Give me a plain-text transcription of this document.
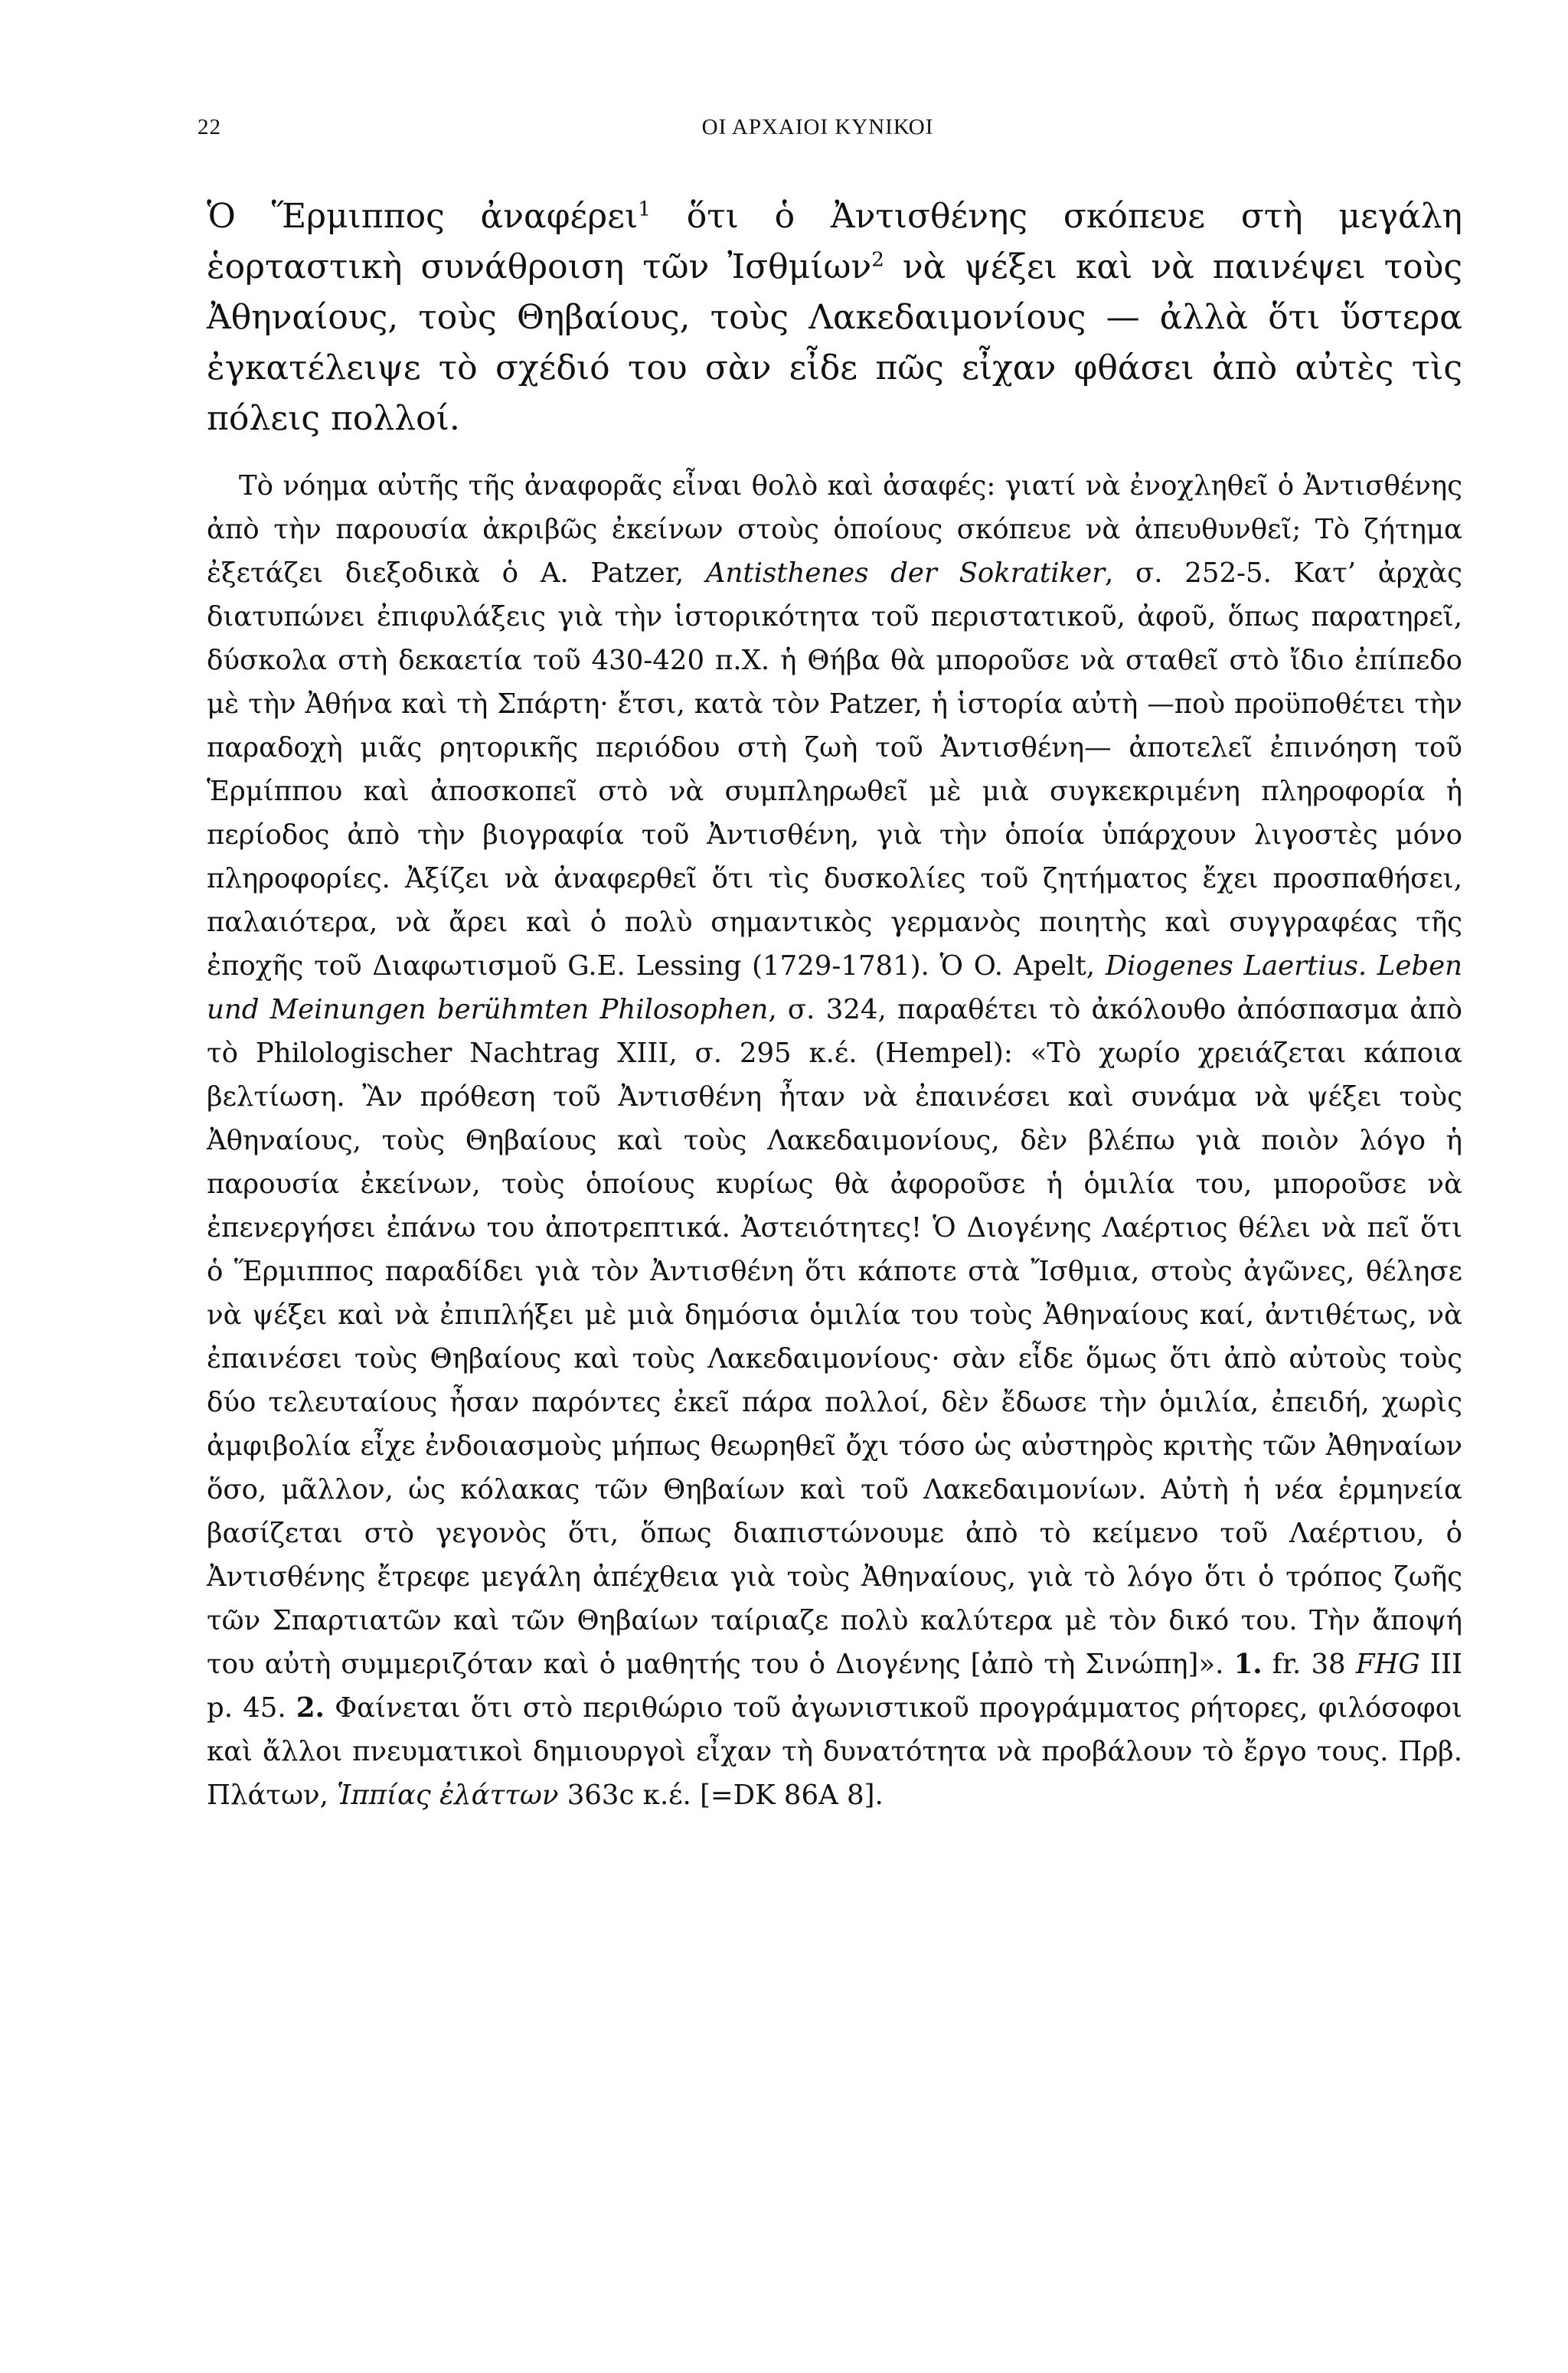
22	ΟΙ ΑΡΧΑΙΟΙ ΚΥΝΙΚΟΙ

Ὁ Ἕρμιππος ἀναφέρει$^1$ ὅτι ὁ Ἀντισθένης σκόπευε στὴ μεγάλη ἑορταστικὴ συνάθροιση τῶν Ἰσθμίων$^2$ νὰ ψέξει καὶ νὰ παινέψει τοὺς Ἀθηναίους, τοὺς Θηβαίους, τοὺς Λακεδαιμονίους — ἀλλὰ ὅτι ὕστερα ἐγκατέλειψε τὸ σχέδιό του σὰν εἶδε πῶς εἶχαν φθάσει ἀπὸ αὐτὲς τὶς πόλεις πολλοί.

Τὸ νόημα αὐτῆς τῆς ἀναφορᾶς εἶναι θολὸ καὶ ἀσαφές: γιατί νὰ ἐνοχληθεῖ ὁ Ἀντισθένης ἀπὸ τὴν παρουσία ἀκριβῶς ἐκείνων στοὺς ὁποίους σκόπευε νὰ ἀπευθυνθεῖ; Τὸ ζήτημα ἐξετάζει διεξοδικὰ ὁ A. Patzer, Antisthenes der Sokratiker, σ. 252-5. Κατ’ ἀρχὰς διατυπώνει ἐπιφυλάξεις γιὰ τὴν ἱστορικότητα τοῦ περιστατικοῦ, ἀφοῦ, ὅπως παρατηρεῖ, δύσκολα στὴ δεκαετία τοῦ 430-420 π.Χ. ἡ Θήβα θὰ μποροῦσε νὰ σταθεῖ στὸ ἴδιο ἐπίπεδο μὲ τὴν Ἀθήνα καὶ τὴ Σπάρτη· ἔτσι, κατὰ τὸν Patzer, ἡ ἱστορία αὐτὴ —ποὺ προϋποθέτει τὴν παραδοχὴ μιᾶς ρητορικῆς περιόδου στὴ ζωὴ τοῦ Ἀντισθένη— ἀποτελεῖ ἐπινόηση τοῦ Ἑρμίππου καὶ ἀποσκοπεῖ στὸ νὰ συμπληρωθεῖ μὲ μιὰ συγκεκριμένη πληροφορία ἡ περίοδος ἀπὸ τὴν βιογραφία τοῦ Ἀντισθένη, γιὰ τὴν ὁποία ὑπάρχουν λιγοστὲς μόνο πληροφορίες. Ἀξίζει νὰ ἀναφερθεῖ ὅτι τὶς δυσκολίες τοῦ ζητήματος ἔχει προσπαθήσει, παλαιότερα, νὰ ἄρει καὶ ὁ πολὺ σημαντικὸς γερμανὸς ποιητὴς καὶ συγγραφέας τῆς ἐποχῆς τοῦ Διαφωτισμοῦ G.E. Lessing (1729-1781). Ὁ O. Apelt, Diogenes Laertius. Leben und Meinungen berühmten Philosophen, σ. 324, παραθέτει τὸ ἀκόλουθο ἀπόσπασμα ἀπὸ τὸ Philologischer Nachtrag XIII, σ. 295 κ.έ. (Hempel): «Τὸ χωρίο χρειάζεται κάποια βελτίωση. Ἂν πρόθεση τοῦ Ἀντισθένη ἦταν νὰ ἐπαινέσει καὶ συνάμα νὰ ψέξει τοὺς Ἀθηναίους, τοὺς Θηβαίους καὶ τοὺς Λακεδαιμονίους, δὲν βλέπω γιὰ ποιὸν λόγο ἡ παρουσία ἐκείνων, τοὺς ὁποίους κυρίως θὰ ἀφοροῦσε ἡ ὁμιλία του, μποροῦσε νὰ ἐπενεργήσει ἐπάνω του ἀποτρεπτικά. Ἀστειότητες! Ὁ Διογένης Λαέρτιος θέλει νὰ πεῖ ὅτι ὁ Ἕρμιππος παραδίδει γιὰ τὸν Ἀντισθένη ὅτι κάποτε στὰ Ἴσθμια, στοὺς ἀγῶνες, θέλησε νὰ ψέξει καὶ νὰ ἐπιπλήξει μὲ μιὰ δημόσια ὁμιλία του τοὺς Ἀθηναίους καί, ἀντιθέτως, νὰ ἐπαινέσει τοὺς Θηβαίους καὶ τοὺς Λακεδαιμονίους· σὰν εἶδε ὅμως ὅτι ἀπὸ αὐτοὺς τοὺς δύο τελευταίους ἦσαν παρόντες ἐκεῖ πάρα πολλοί, δὲν ἔδωσε τὴν ὁμιλία, ἐπειδή, χωρὶς ἀμφιβολία εἶχε ἐνδοιασμοὺς μήπως θεωρηθεῖ ὄχι τόσο ὡς αὐστηρὸς κριτὴς τῶν Ἀθηναίων ὅσο, μᾶλλον, ὡς κόλακας τῶν Θηβαίων καὶ τοῦ Λακεδαιμονίων. Αὐτὴ ἡ νέα ἑρμηνεία βασίζεται στὸ γεγονὸς ὅτι, ὅπως διαπιστώνουμε ἀπὸ τὸ κείμενο τοῦ Λαέρτιου, ὁ Ἀντισθένης ἔτρεφε μεγάλη ἀπέχθεια γιὰ τοὺς Ἀθηναίους, γιὰ τὸ λόγο ὅτι ὁ τρόπος ζωῆς τῶν Σπαρτιατῶν καὶ τῶν Θηβαίων ταίριαζε πολὺ καλύτερα μὲ τὸν δικό του. Τὴν ἄποψή του αὐτὴ συμμεριζόταν καὶ ὁ μαθητής του ὁ Διογένης [ἀπὸ τὴ Σινώπη]». 1. fr. 38 FHG III p. 45. 2. Φαίνεται ὅτι στὸ περιθώριο τοῦ ἀγωνιστικοῦ προγράμματος ρήτορες, φιλόσοφοι καὶ ἄλλοι πνευματικοὶ δημιουργοὶ εἶχαν τὴ δυνατότητα νὰ προβάλουν τὸ ἔργο τους. Πρβ. Πλάτων, Ἱππίας ἐλάττων 363c κ.έ. [=DK 86A 8].
